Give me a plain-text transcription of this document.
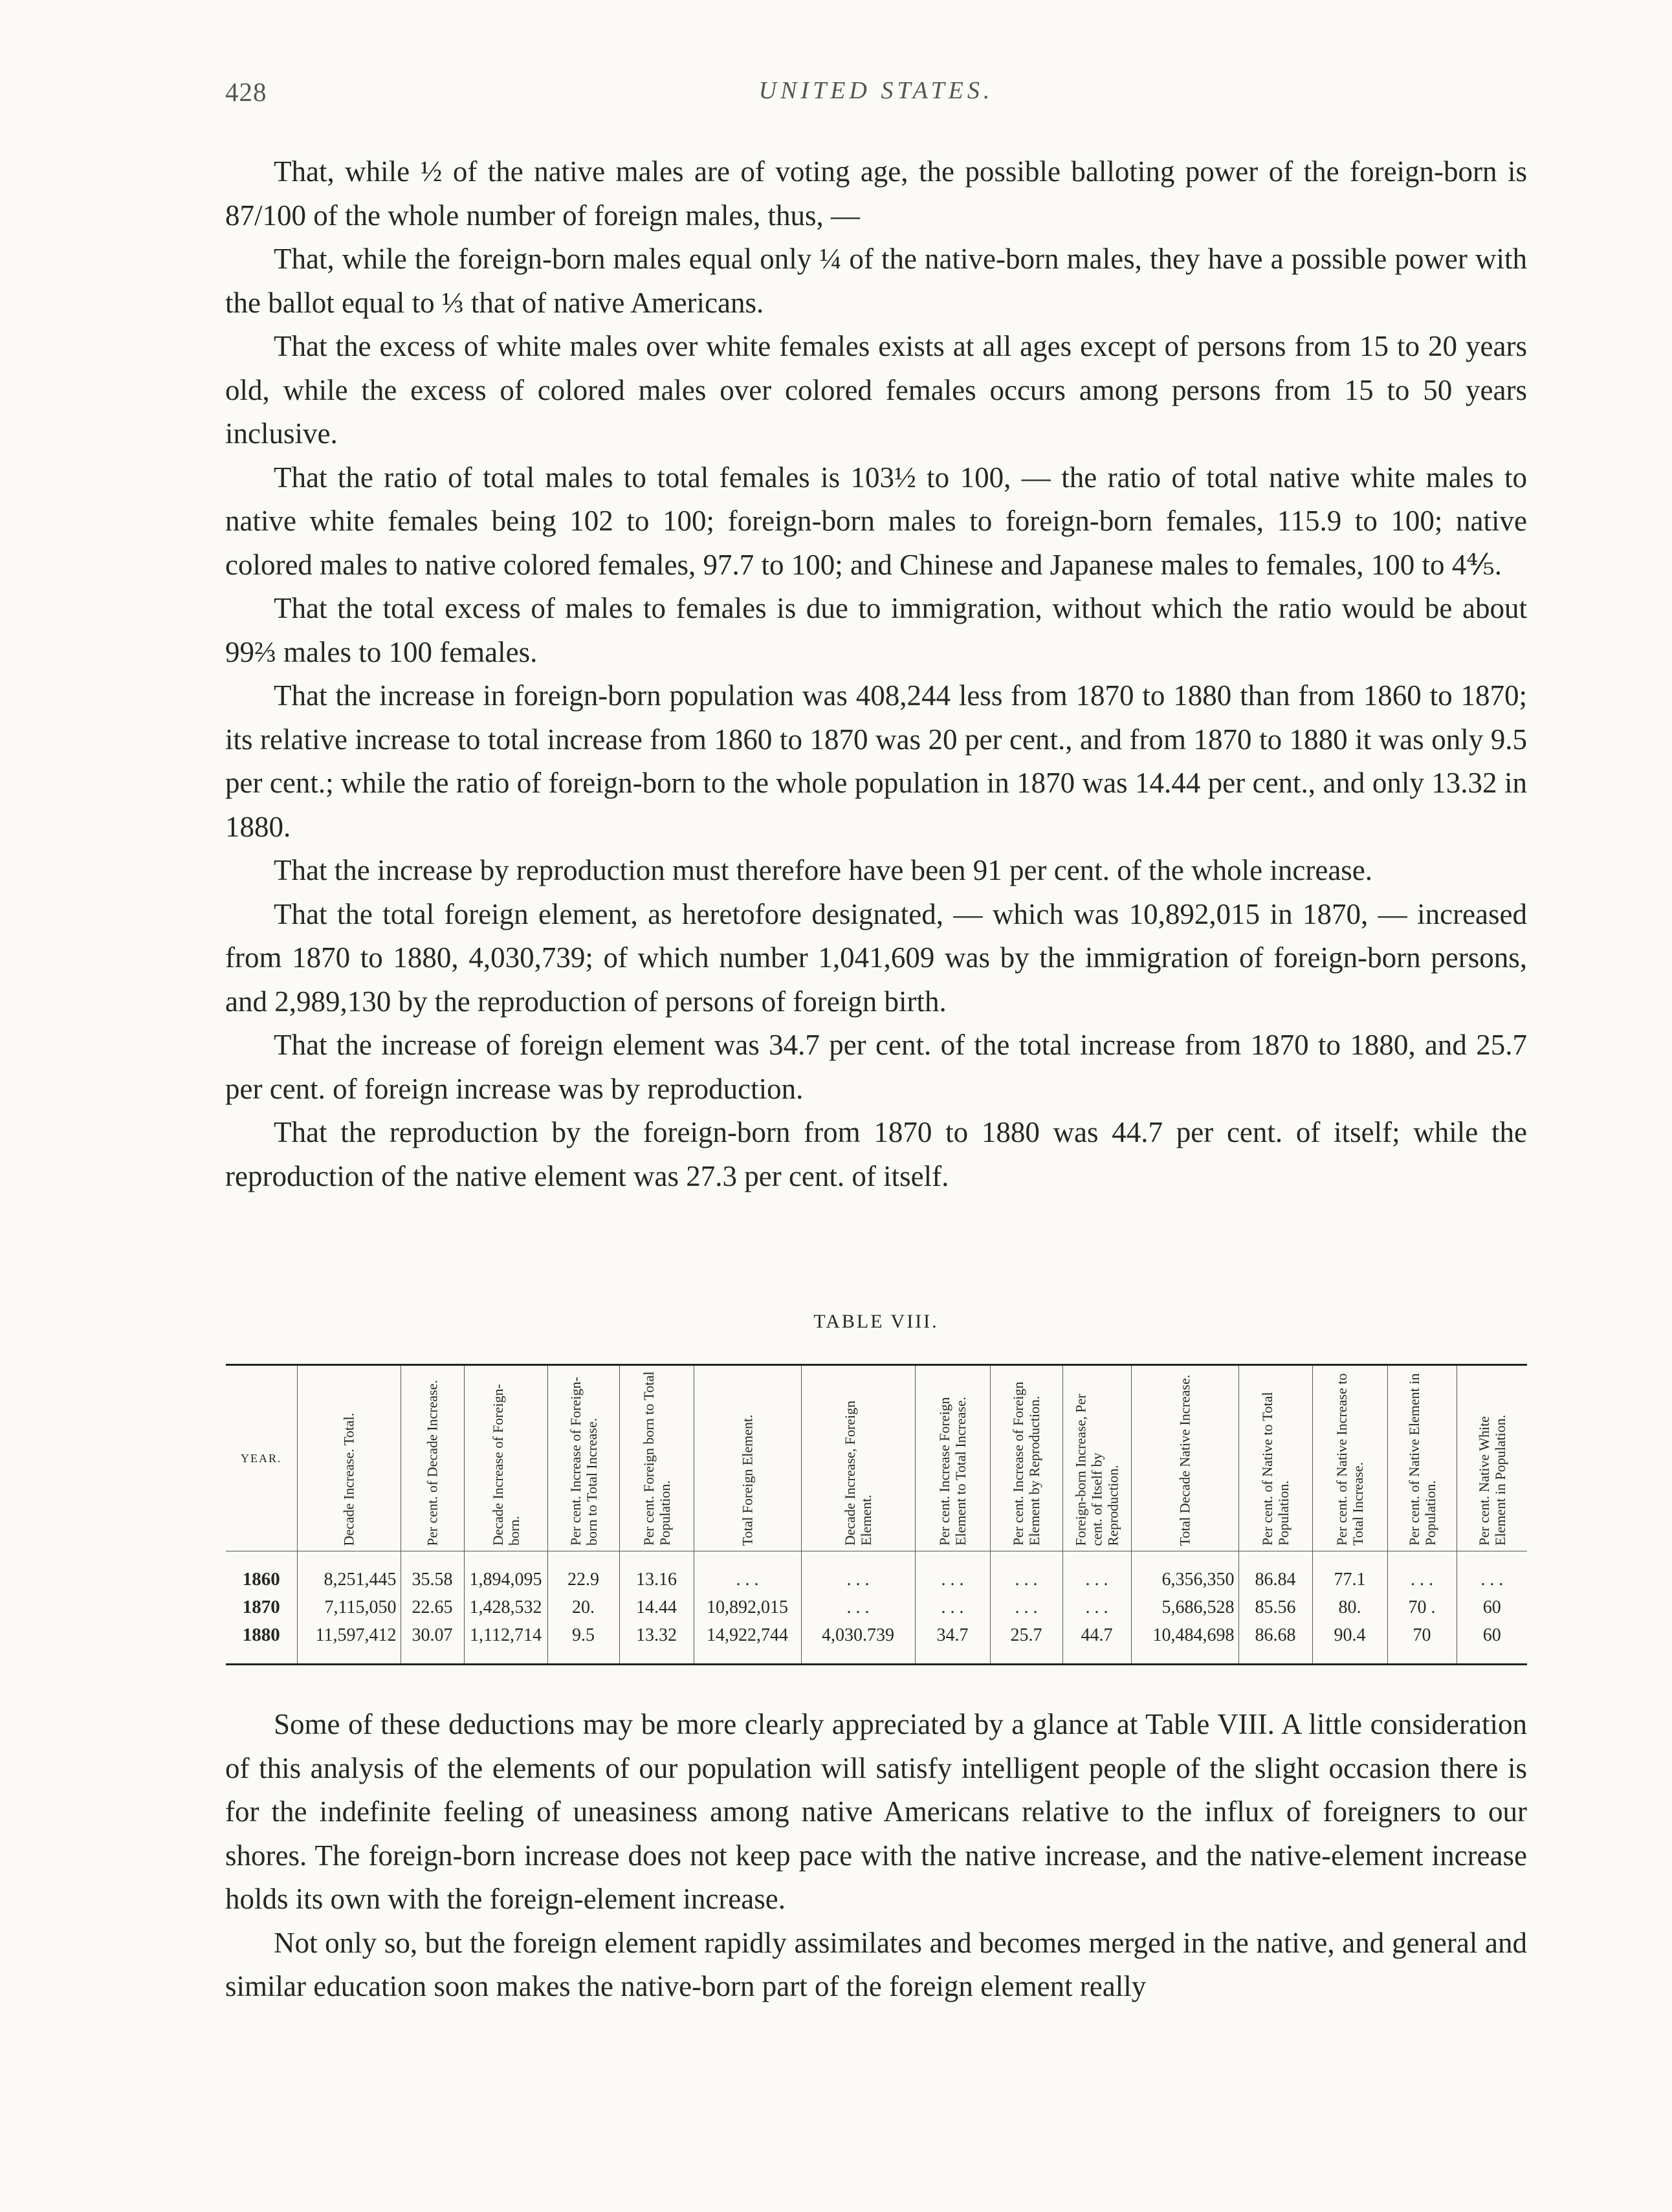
428	UNITED STATES.

That, while ½ of the native males are of voting age, the possible balloting power of the foreign-born is 87/100 of the whole number of foreign males, thus, —

That, while the foreign-born males equal only ¼ of the native-born males, they have a possible power with the ballot equal to ⅓ that of native Americans.

That the excess of white males over white females exists at all ages except of persons from 15 to 20 years old, while the excess of colored males over colored females occurs among persons from 15 to 50 years inclusive.

That the ratio of total males to total females is 103½ to 100, — the ratio of total native white males to native white females being 102 to 100; foreign-born males to foreign-born females, 115.9 to 100; native colored males to native colored females, 97.7 to 100; and Chinese and Japanese males to females, 100 to 4⅘.

That the total excess of males to females is due to immigration, without which the ratio would be about 99⅔ males to 100 females.

That the increase in foreign-born population was 408,244 less from 1870 to 1880 than from 1860 to 1870; its relative increase to total increase from 1860 to 1870 was 20 per cent., and from 1870 to 1880 it was only 9.5 per cent.; while the ratio of foreign-born to the whole population in 1870 was 14.44 per cent., and only 13.32 in 1880.

That the increase by reproduction must therefore have been 91 per cent. of the whole increase.

That the total foreign element, as heretofore designated, — which was 10,892,015 in 1870, — increased from 1870 to 1880, 4,030,739; of which number 1,041,609 was by the immigration of foreign-born persons, and 2,989,130 by the reproduction of persons of foreign birth.

That the increase of foreign element was 34.7 per cent. of the total increase from 1870 to 1880, and 25.7 per cent. of foreign increase was by reproduction.

That the reproduction by the foreign-born from 1870 to 1880 was 44.7 per cent. of itself; while the reproduction of the native element was 27.3 per cent. of itself.

TABLE VIII.
YEAR.	Decade Increase. Total.	Per cent. of Decade Increase.	Decade Increase of Foreign-born.	Per cent. Increase of Foreign-born to Total Increase.	Per cent. Foreign born to Total Population.	Total Foreign Element.	Decade Increase, Foreign Element.	Per cent. Increase Foreign Element to Total Increase.	Per cent. Increase of Foreign Element by Reproduction.	Foreign-born Increase, Per cent. of Itself by Reproduction.	Total Decade Native Increase.	Per cent. of Native to Total Population.	Per cent. of Native Increase to Total Increase.	Per cent. of Native Element in Population.	Per cent. Native White Element in Population.
1860	8,251,445	35.58	1,894,095	22.9	13.16	. . .	. . .	. . .	. . .	. . .	6,356,350	86.84	77.1	. . .	. . .
1870	7,115,050	22.65	1,428,532	20.	14.44	10,892,015	. . .	. . .	. . .	. . .	5,686,528	85.56	80.	70 .	60
1880	11,597,412	30.07	1,112,714	9.5	13.32	14,922,744	4,030.739	34.7	25.7	44.7	10,484,698	86.68	90.4	70	60

Some of these deductions may be more clearly appreciated by a glance at Table VIII. A little consideration of this analysis of the elements of our population will satisfy intelligent people of the slight occasion there is for the indefinite feeling of uneasiness among native Americans relative to the influx of foreigners to our shores. The foreign-born increase does not keep pace with the native increase, and the native-element increase holds its own with the foreign-element increase.

Not only so, but the foreign element rapidly assimilates and becomes merged in the native, and general and similar education soon makes the native-born part of the foreign element really
